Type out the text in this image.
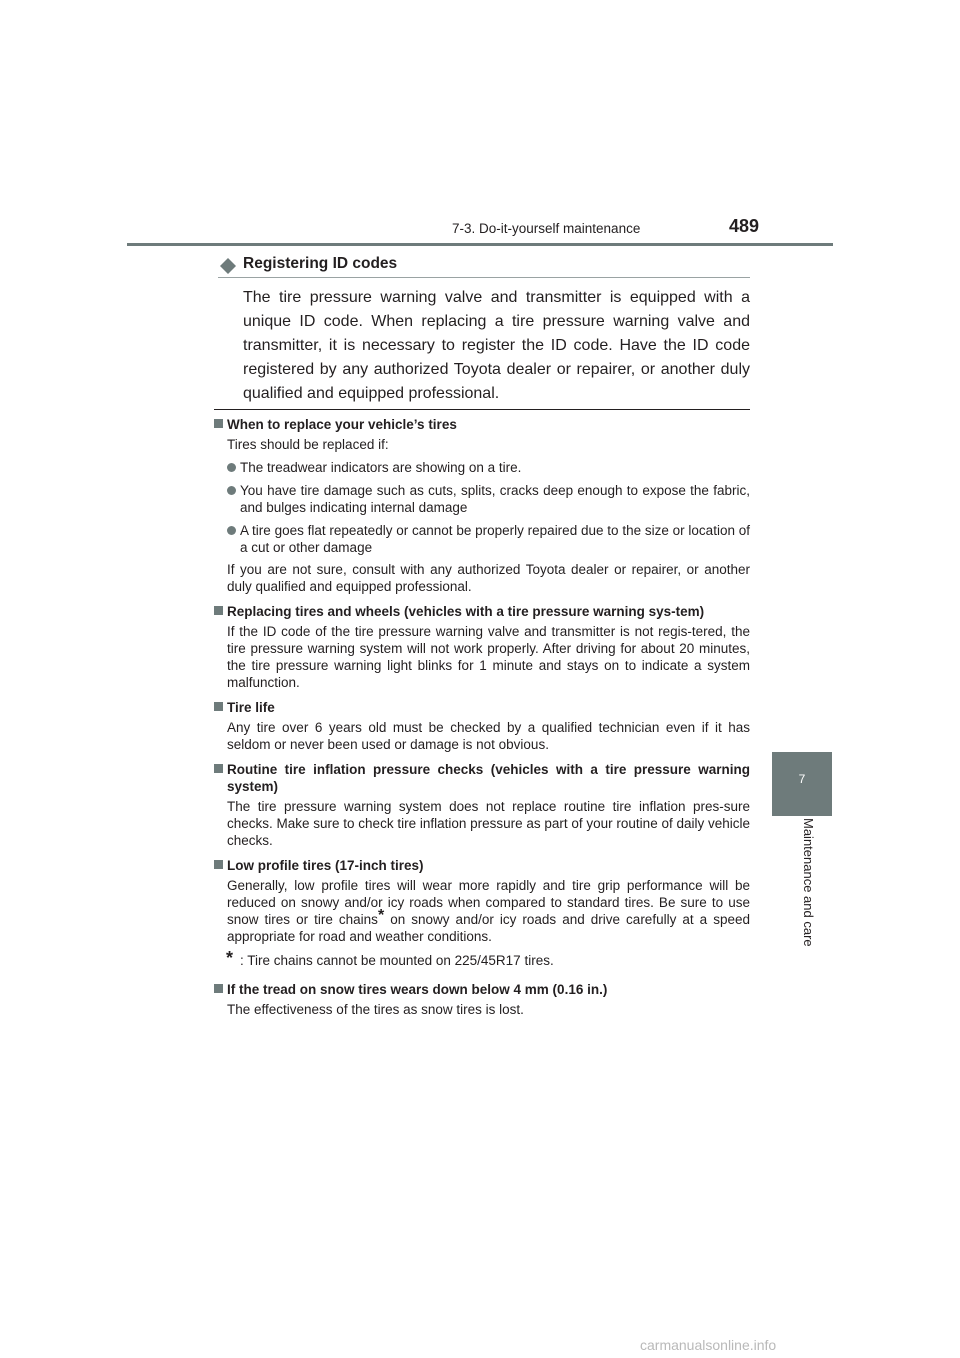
7-3. Do-it-yourself maintenance	489
7
Maintenance and care
Registering ID codes
The tire pressure warning valve and transmitter is equipped with a unique ID code. When replacing a tire pressure warning valve and transmitter, it is necessary to register the ID code. Have the ID code registered by any authorized Toyota dealer or repairer, or another duly qualified and equipped professional.
When to replace your vehicle’s tires
Tires should be replaced if:
The treadwear indicators are showing on a tire.
You have tire damage such as cuts, splits, cracks deep enough to expose the fabric, and bulges indicating internal damage
A tire goes flat repeatedly or cannot be properly repaired due to the size or location of a cut or other damage
If you are not sure, consult with any authorized Toyota dealer or repairer, or another duly qualified and equipped professional.
Replacing tires and wheels (vehicles with a tire pressure warning sys-tem)
If the ID code of the tire pressure warning valve and transmitter is not regis-tered, the tire pressure warning system will not work properly. After driving for about 20 minutes, the tire pressure warning light blinks for 1 minute and stays on to indicate a system malfunction.
Tire life
Any tire over 6 years old must be checked by a qualified technician even if it has seldom or never been used or damage is not obvious.
Routine tire inflation pressure checks (vehicles with a tire pressure warning system)
The tire pressure warning system does not replace routine tire inflation pres-sure checks. Make sure to check tire inflation pressure as part of your routine of daily vehicle checks.
Low profile tires (17-inch tires)
Generally, low profile tires will wear more rapidly and tire grip performance will be reduced on snowy and/or icy roads when compared to standard tires. Be sure to use snow tires or tire chains* on snowy and/or icy roads and drive carefully at a speed appropriate for road and weather conditions.
* : Tire chains cannot be mounted on 225/45R17 tires.
If the tread on snow tires wears down below 4 mm (0.16 in.)
The effectiveness of the tires as snow tires is lost.
carmanualsonline.info
